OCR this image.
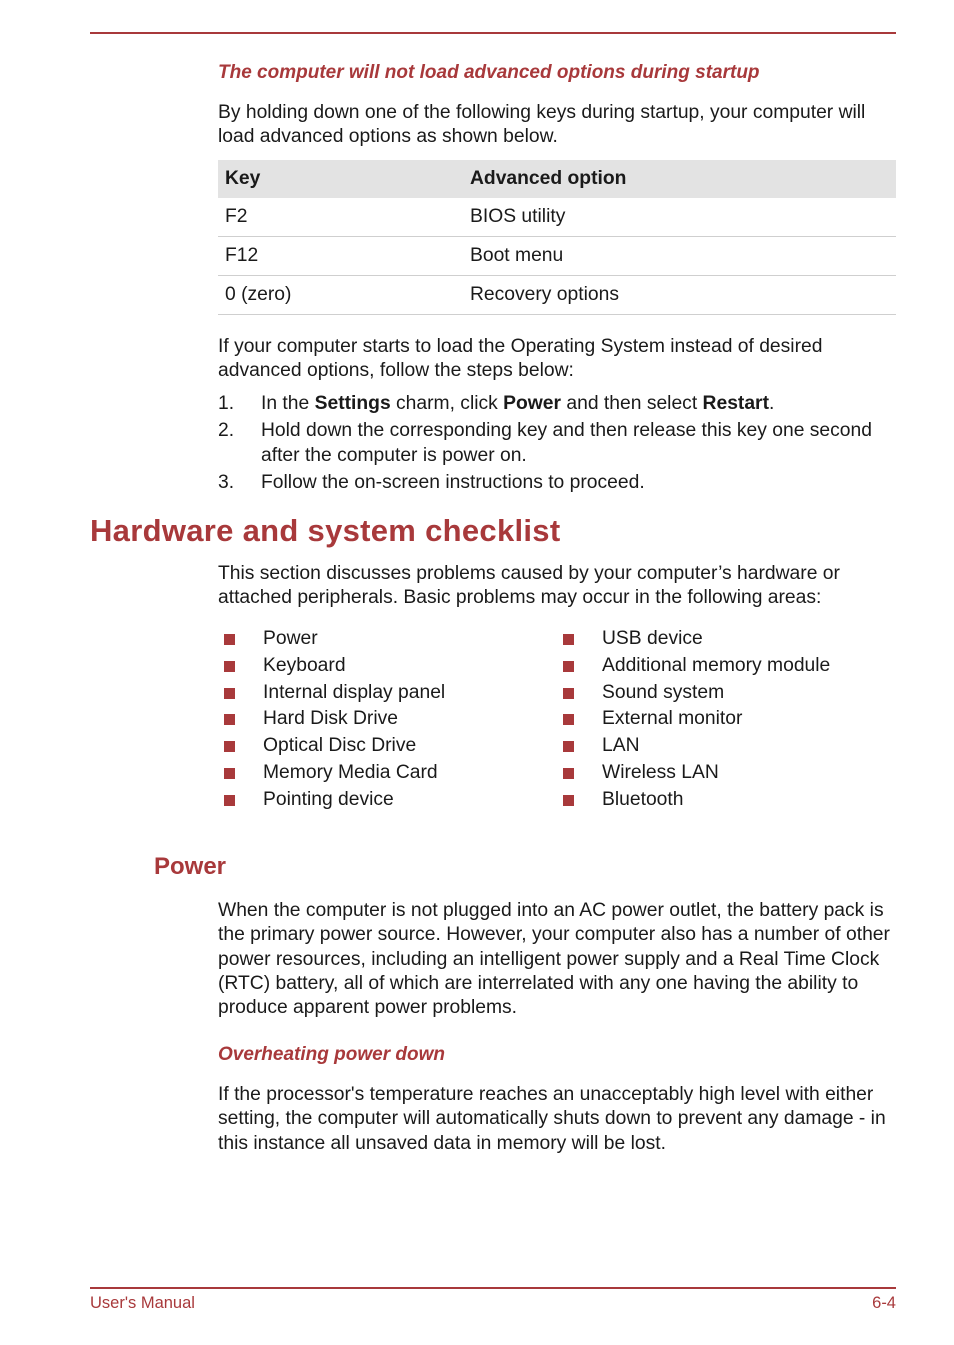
The computer will not load advanced options during startup

By holding down one of the following keys during startup, your computer will load advanced options as shown below.

Key	Advanced option
F2	BIOS utility
F12	Boot menu
0 (zero)	Recovery options

If your computer starts to load the Operating System instead of desired advanced options, follow the steps below:

1. In the Settings charm, click Power and then select Restart.

2. Hold down the corresponding key and then release this key one second after the computer is power on.

3. Follow the on-screen instructions to proceed.

Hardware and system checklist

This section discusses problems caused by your computer’s hardware or attached peripherals. Basic problems may occur in the following areas:

Power
Keyboard
Internal display panel
Hard Disk Drive
Optical Disc Drive
Memory Media Card
Pointing device
USB device
Additional memory module
Sound system
External monitor
LAN
Wireless LAN
Bluetooth
Power

When the computer is not plugged into an AC power outlet, the battery pack is the primary power source. However, your computer also has a number of other power resources, including an intelligent power supply and a Real Time Clock (RTC) battery, all of which are interrelated with any one having the ability to produce apparent power problems.

Overheating power down

If the processor's temperature reaches an unacceptably high level with either setting, the computer will automatically shuts down to prevent any damage - in this instance all unsaved data in memory will be lost.

User's Manual	6-4
